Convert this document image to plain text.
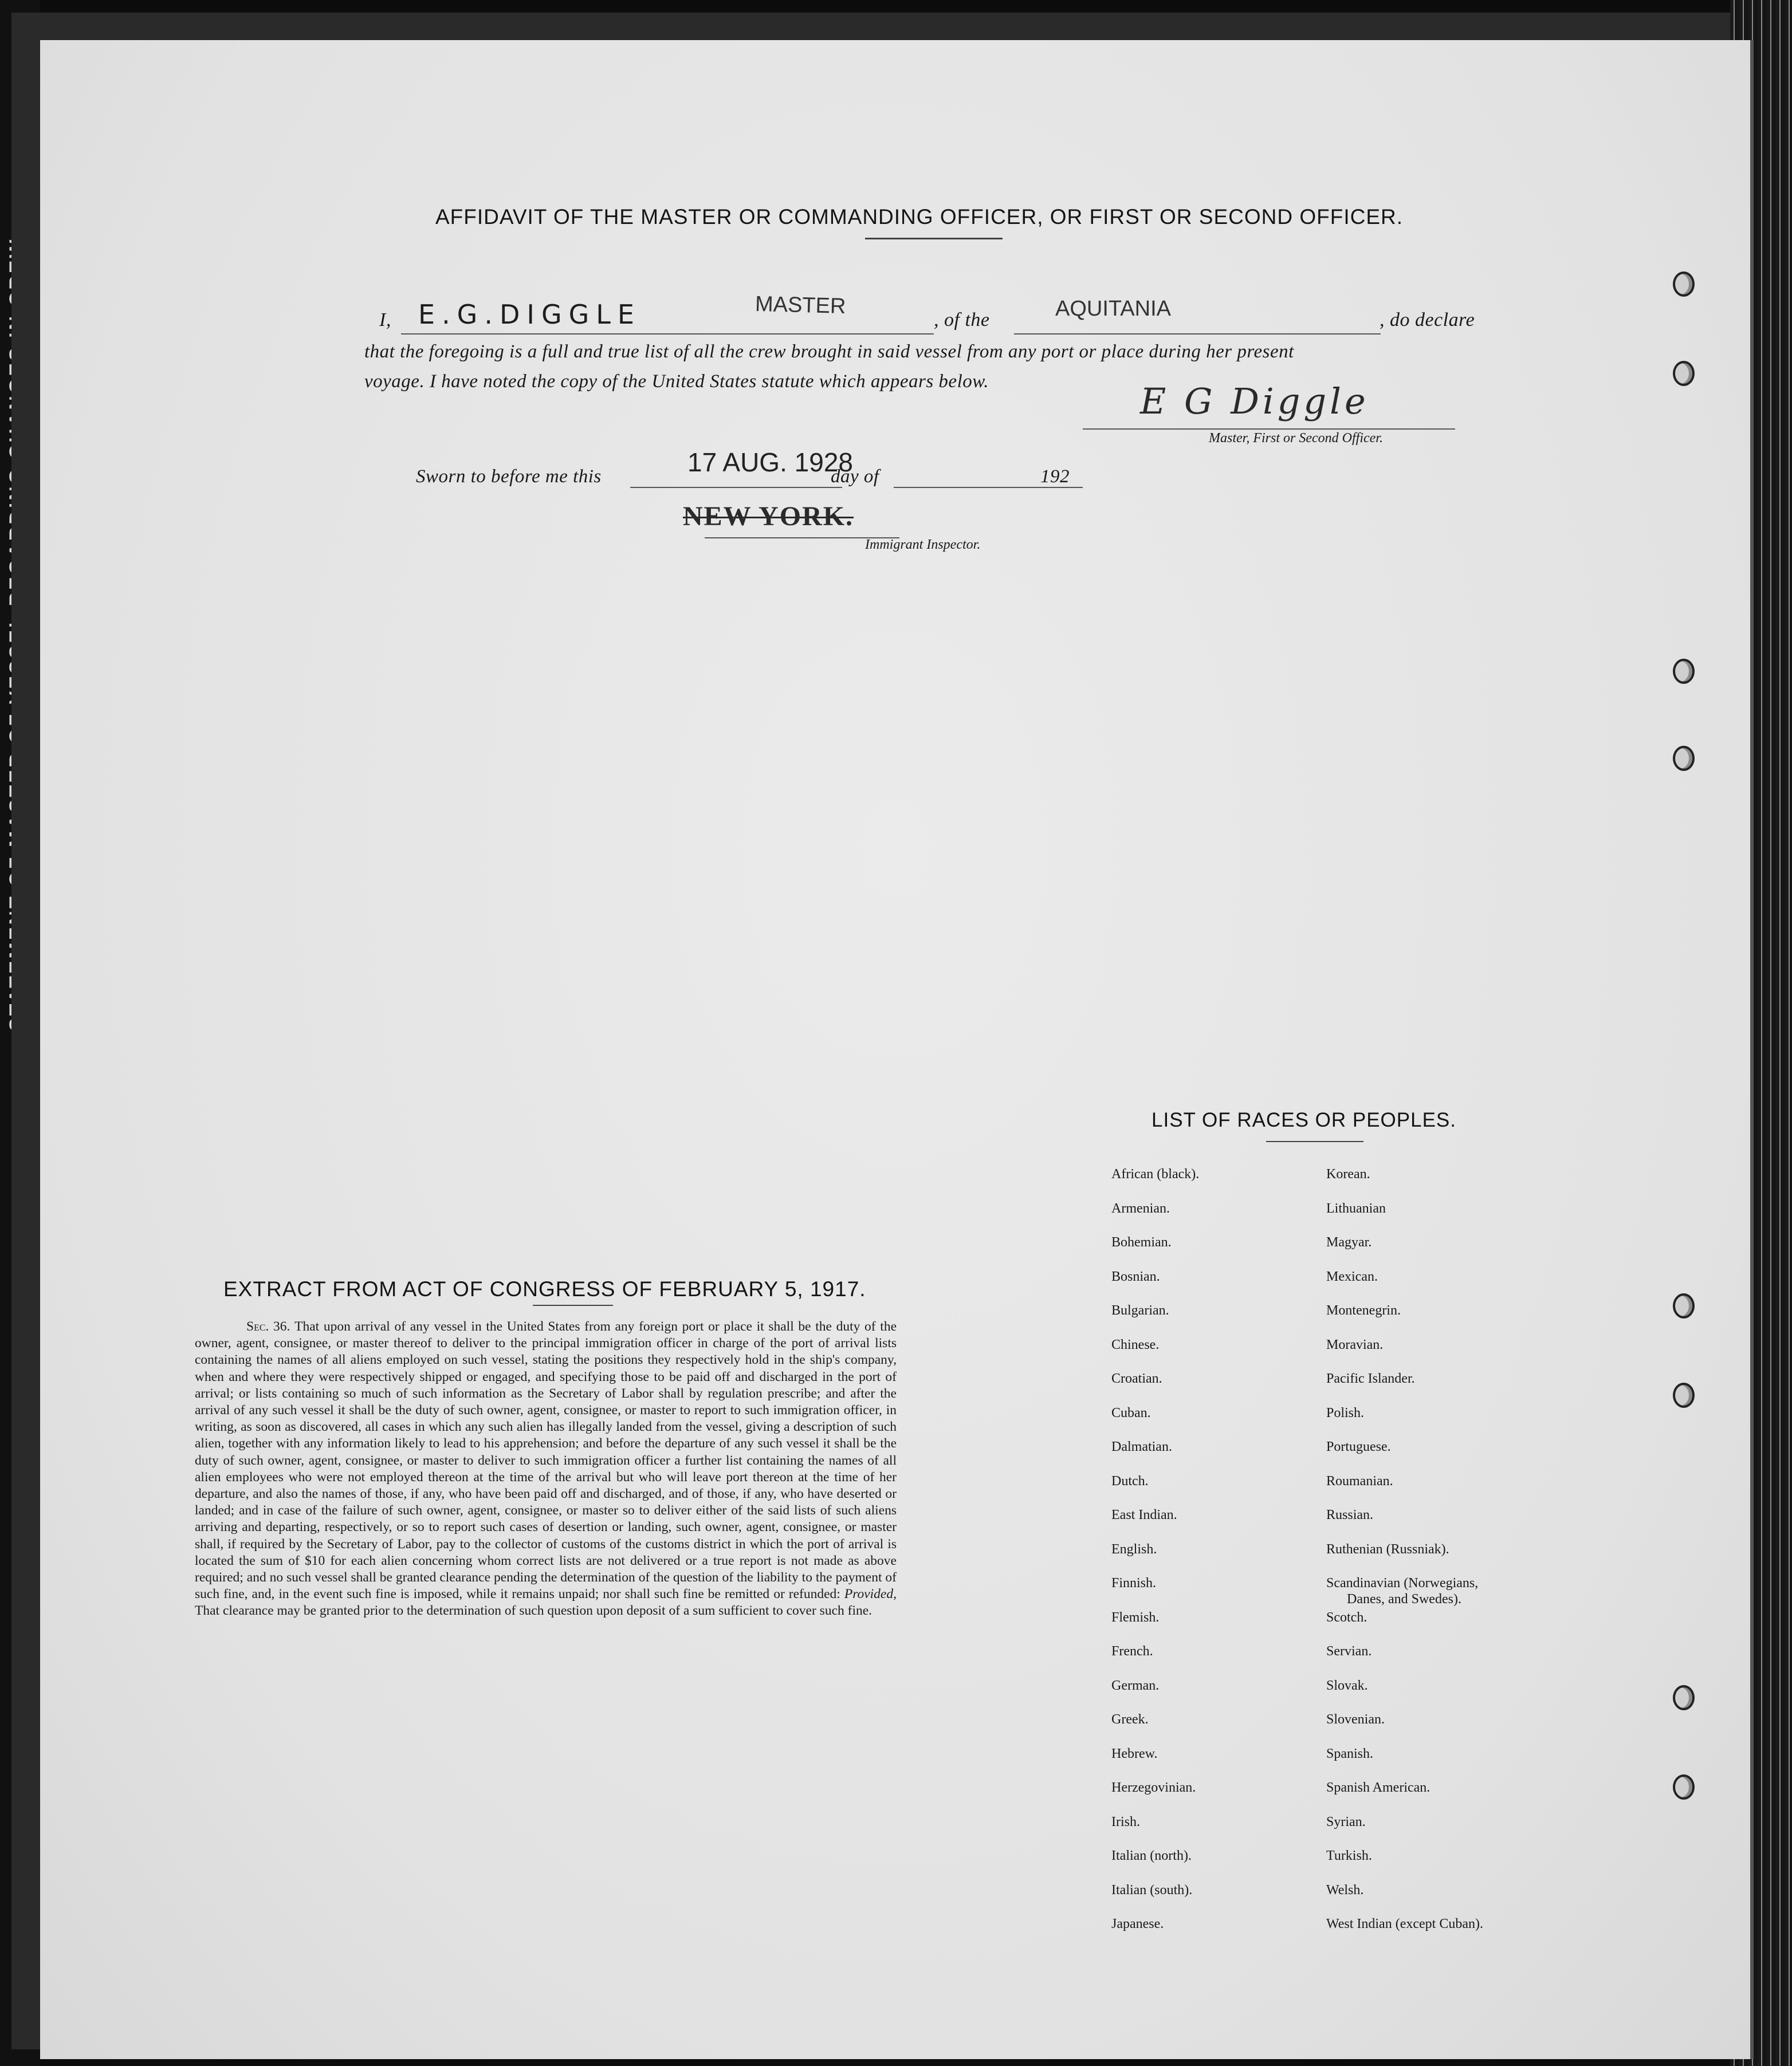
AFFIDAVIT OF THE MASTER OR COMMANDING OFFICER, OR FIRST OR SECOND OFFICER.
I, E.G.DIGGLE	MASTER
, of the	AQUITANIA	, do declare
that the foregoing is a full and true list of all the crew brought in said vessel from any port or place during her present
voyage. I have noted the copy of the United States statute which appears below.	E G Diggle
Master, First or Second Officer.
Sworn to before me this	17 AUG. 1928
day of	192
NEW YORK.
Immigrant Inspector.
EXTRACT FROM ACT OF CONGRESS OF FEBRUARY 5, 1917.
Sec. 36. That upon arrival of any vessel in the United States from any foreign port or place it shall be the duty of the owner, agent, consignee, or master thereof to deliver to the principal immigration officer in charge of the port of arrival lists containing the names of all aliens employed on such vessel, stating the positions they respectively hold in the ship's company, when and where they were respectively shipped or engaged, and specifying those to be paid off and discharged in the port of arrival; or lists containing so much of such information as the Secretary of Labor shall by regulation prescribe; and after the arrival of any such vessel it shall be the duty of such owner, agent, consignee, or master to report to such immigration officer, in writing, as soon as discovered, all cases in which any such alien has illegally landed from the vessel, giving a description of such alien, together with any information likely to lead to his apprehension; and before the departure of any such vessel it shall be the duty of such owner, agent, consignee, or master to deliver to such immigration officer a further list containing the names of all alien employees who were not employed thereon at the time of the arrival but who will leave port thereon at the time of her departure, and also the names of those, if any, who have been paid off and discharged, and of those, if any, who have deserted or landed; and in case of the failure of such owner, agent, consignee, or master so to deliver either of the said lists of such aliens arriving and departing, respectively, or so to report such cases of desertion or landing, such owner, agent, consignee, or master shall, if required by the Secretary of Labor, pay to the collector of customs of the customs district in which the port of arrival is located the sum of $10 for each alien concerning whom correct lists are not delivered or a true report is not made as above required; and no such vessel shall be granted clearance pending the determination of the question of the liability to the payment of such fine, and, in the event such fine is imposed, while it remains unpaid; nor shall such fine be remitted or refunded: Provided, That clearance may be granted prior to the determination of such question upon deposit of a sum sufficient to cover such fine.
LIST OF RACES OR PEOPLES.
African (black).
Armenian.
Bohemian.
Bosnian.
Bulgarian.
Chinese.
Croatian.
Cuban.
Dalmatian.
Dutch.
East Indian.
English.
Finnish.
Flemish.
French.
German.
Greek.
Hebrew.
Herzegovinian.
Irish.
Italian (north).
Italian (south).
Japanese.
Korean.
Lithuanian
Magyar.
Mexican.
Montenegrin.
Moravian.
Pacific Islander.
Polish.
Portuguese.
Roumanian.
Russian.
Ruthenian (Russniak).
Scandinavian (Norwegians,
Danes, and Swedes).
Scotch.
Servian.
Slovak.
Slovenian.
Spanish.
Spanish American.
Syrian.
Turkish.
Welsh.
West Indian (except Cuban).
